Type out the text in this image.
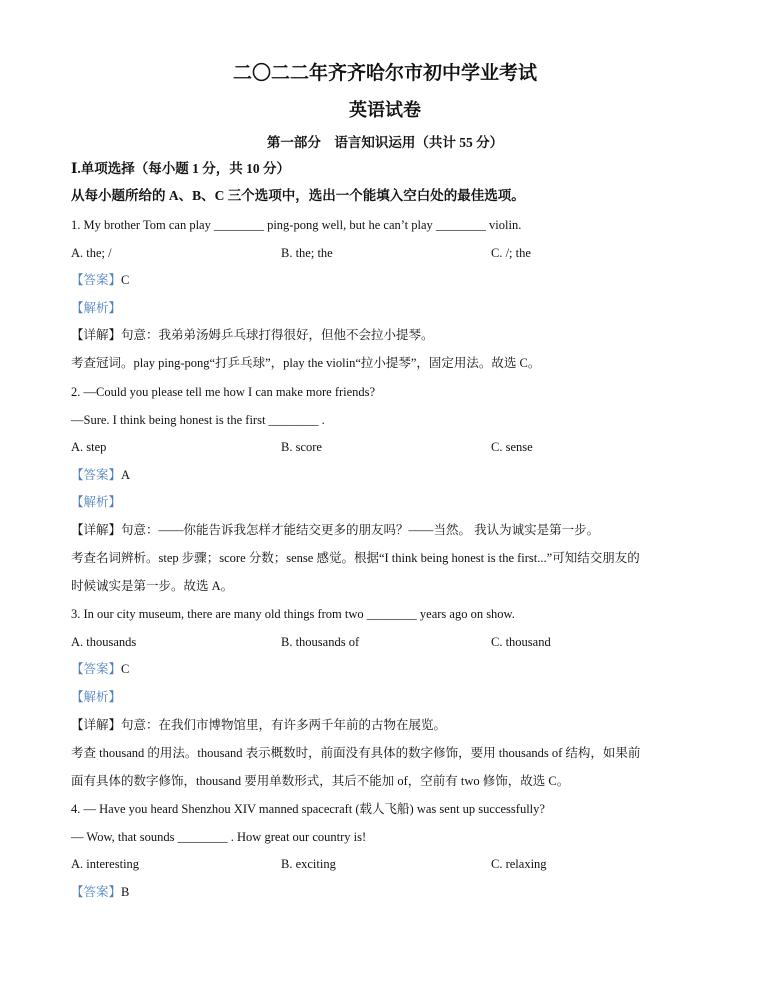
二〇二二年齐齐哈尔市初中学业考试
英语试卷
第一部分　语言知识运用（共计 55 分）
Ⅰ.单项选择（每小题 1 分，共 10 分）
从每小题所给的 A、B、C 三个选项中，选出一个能填入空白处的最佳选项。
1. My brother Tom can play ________ ping-pong well, but he can’t play ________ violin.
A. the; /	B. the; the	C. /; the
【答案】C
【解析】
【详解】句意：我弟弟汤姆乒乓球打得很好，但他不会拉小提琴。
考查冠词。play ping-pong“打乒乓球”，play the violin“拉小提琴”，固定用法。故选 C。
2. —Could you please tell me how I can make more friends?
—Sure. I think being honest is the first ________ .
A. step	B. score	C. sense
【答案】A
【解析】
【详解】句意：——你能告诉我怎样才能结交更多的朋友吗？——当然。 我认为诚实是第一步。
考查名词辨析。step 步骤；score 分数；sense 感觉。根据“I think being honest is the first...”可知结交朋友的
时候诚实是第一步。故选 A。
3. In our city museum, there are many old things from two ________ years ago on show.
A. thousands	B. thousands of	C. thousand
【答案】C
【解析】
【详解】句意：在我们市博物馆里，有许多两千年前的古物在展览。
考查 thousand 的用法。thousand 表示概数时，前面没有具体的数字修饰，要用 thousands of 结构，如果前
面有具体的数字修饰，thousand 要用单数形式，其后不能加 of，空前有 two 修饰，故选 C。
4. — Have you heard Shenzhou XIV manned spacecraft (载人飞船) was sent up successfully?
— Wow, that sounds ________ . How great our country is!
A. interesting	B. exciting	C. relaxing
【答案】B
